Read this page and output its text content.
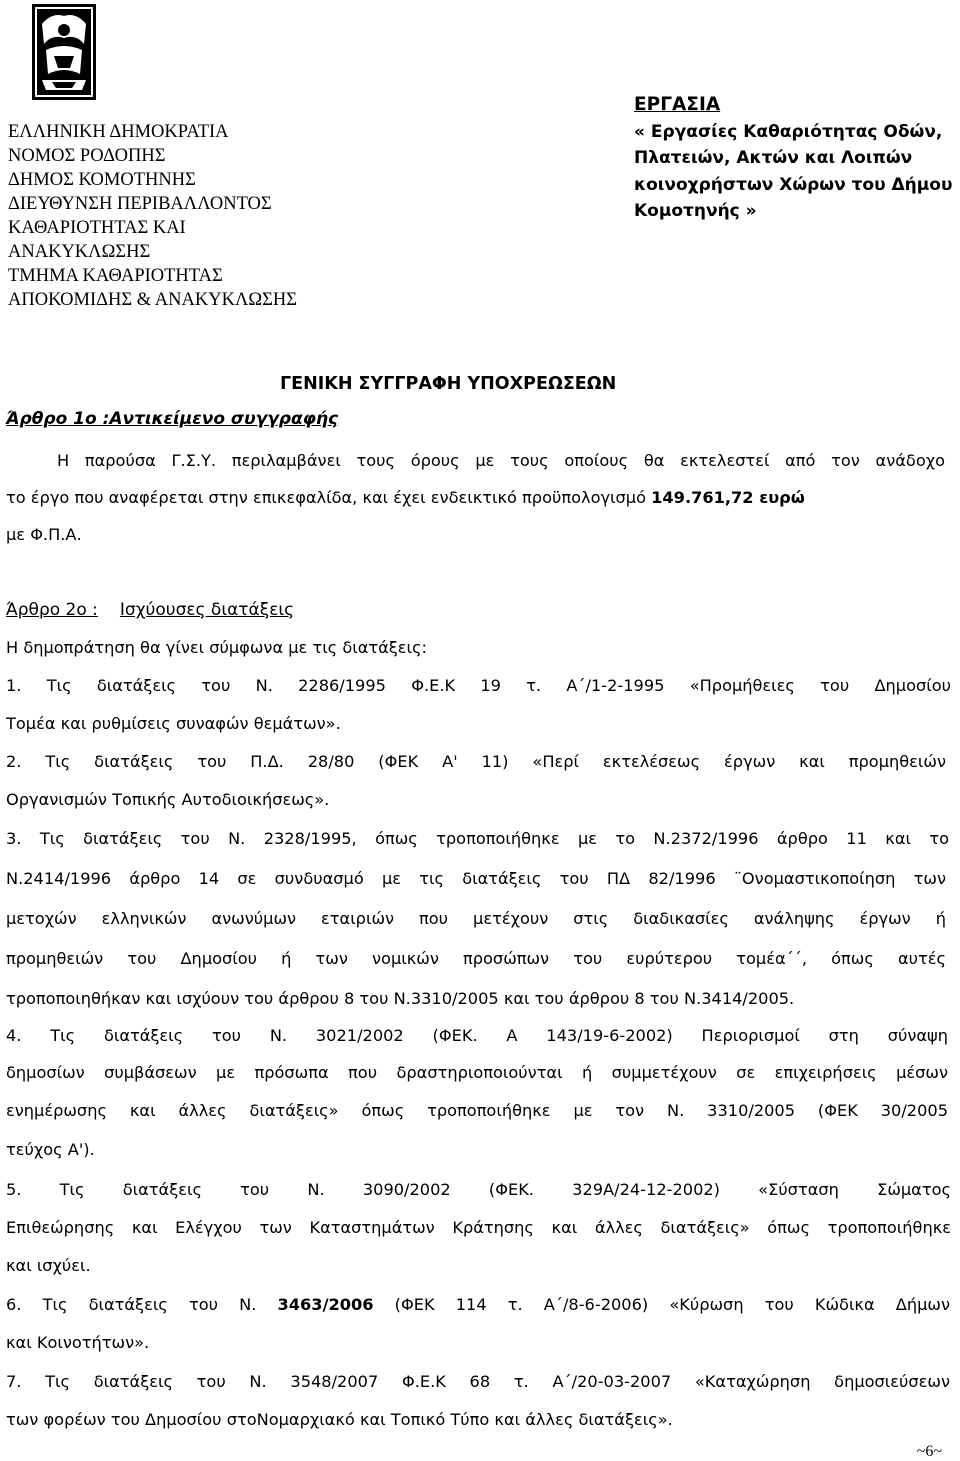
ΕΛΛΗΝΙΚΗ ΔΗΜΟΚΡΑΤΙΑ
ΝΟΜΟΣ ΡΟΔΟΠΗΣ
ΔΗΜΟΣ ΚΟΜΟΤΗΝΗΣ
ΔΙΕΥΘΥΝΣΗ ΠΕΡΙΒΑΛΛΟΝΤΟΣ
ΚΑΘΑΡΙΟΤΗΤΑΣ ΚΑΙ
ΑΝΑΚΥΚΛΩΣΗΣ
ΤΜΗΜΑ ΚΑΘΑΡΙΟΤΗΤΑΣ
ΑΠΟΚΟΜΙΔΗΣ & ΑΝΑΚΥΚΛΩΣΗΣ
ΕΡΓΑΣΙΑ
« Εργασίες Καθαριότητας Οδών,
Πλατειών, Ακτών και Λοιπών
κοινοχρήστων Χώρων του Δήμου
Κομοτηνής »
ΓΕΝΙΚΗ ΣΥΓΓΡΑΦΗ ΥΠΟΧΡΕΩΣΕΩΝ
Άρθρο 1ο :Αντικείμενο συγγραφής
Η παρούσα Γ.Σ.Υ. περιλαμβάνει τους όρους με τους οποίους θα εκτελεστεί από τον ανάδοχο
το έργο που αναφέρεται στην επικεφαλίδα, και έχει ενδεικτικό προϋπολογισμό 149.761,72 ευρώ
με Φ.Π.Α.
Άρθρο 2ο : Ισχύουσες διατάξεις
Η δημοπράτηση θα γίνει σύμφωνα με τις διατάξεις:
1. Τις διατάξεις του Ν. 2286/1995 Φ.Ε.Κ 19 τ. Α΄/1-2-1995 «Προμήθειες του Δημοσίου
Τομέα και ρυθμίσεις συναφών θεμάτων».
2. Τις διατάξεις του Π.Δ. 28/80 (ΦΕΚ Α' 11) «Περί εκτελέσεως έργων και προμηθειών
Οργανισμών Τοπικής Αυτοδιοικήσεως».
3. Τις διατάξεις του Ν. 2328/1995, όπως τροποποιήθηκε με το Ν.2372/1996 άρθρο 11 και το
Ν.2414/1996 άρθρο 14 σε συνδυασμό με τις διατάξεις του ΠΔ 82/1996 ¨Ονομαστικοποίηση των
μετοχών ελληνικών ανωνύμων εταιριών που μετέχουν στις διαδικασίες ανάληψης έργων ή
προμηθειών του Δημοσίου ή των νομικών προσώπων του ευρύτερου τομέα΄΄, όπως αυτές
τροποποιηθήκαν και ισχύουν του άρθρου 8 του Ν.3310/2005 και του άρθρου 8 του Ν.3414/2005.
4. Τις διατάξεις του Ν. 3021/2002 (ΦΕΚ. Α 143/19-6-2002) Περιορισμοί στη σύναψη
δημοσίων συμβάσεων με πρόσωπα που δραστηριοποιούνται ή συμμετέχουν σε επιχειρήσεις μέσων
ενημέρωσης και άλλες διατάξεις» όπως τροποποιήθηκε με τον Ν. 3310/2005 (ΦΕΚ 30/2005
τεύχος Α').
5. Τις διατάξεις του Ν. 3090/2002 (ΦΕΚ. 329Α/24-12-2002) «Σύσταση Σώματος
Επιθεώρησης και Ελέγχου των Καταστημάτων Κράτησης και άλλες διατάξεις» όπως τροποποιήθηκε
και ισχύει.
6. Τις διατάξεις του Ν. 3463/2006 (ΦΕΚ 114 τ. Α΄/8-6-2006) «Κύρωση του Κώδικα Δήμων
και Κοινοτήτων».
7. Τις διατάξεις του Ν. 3548/2007 Φ.Ε.Κ 68 τ. Α΄/20-03-2007 «Καταχώρηση δημοσιεύσεων
των φορέων του Δημοσίου στοΝομαρχιακό και Τοπικό Τύπο και άλλες διατάξεις».
~6~
